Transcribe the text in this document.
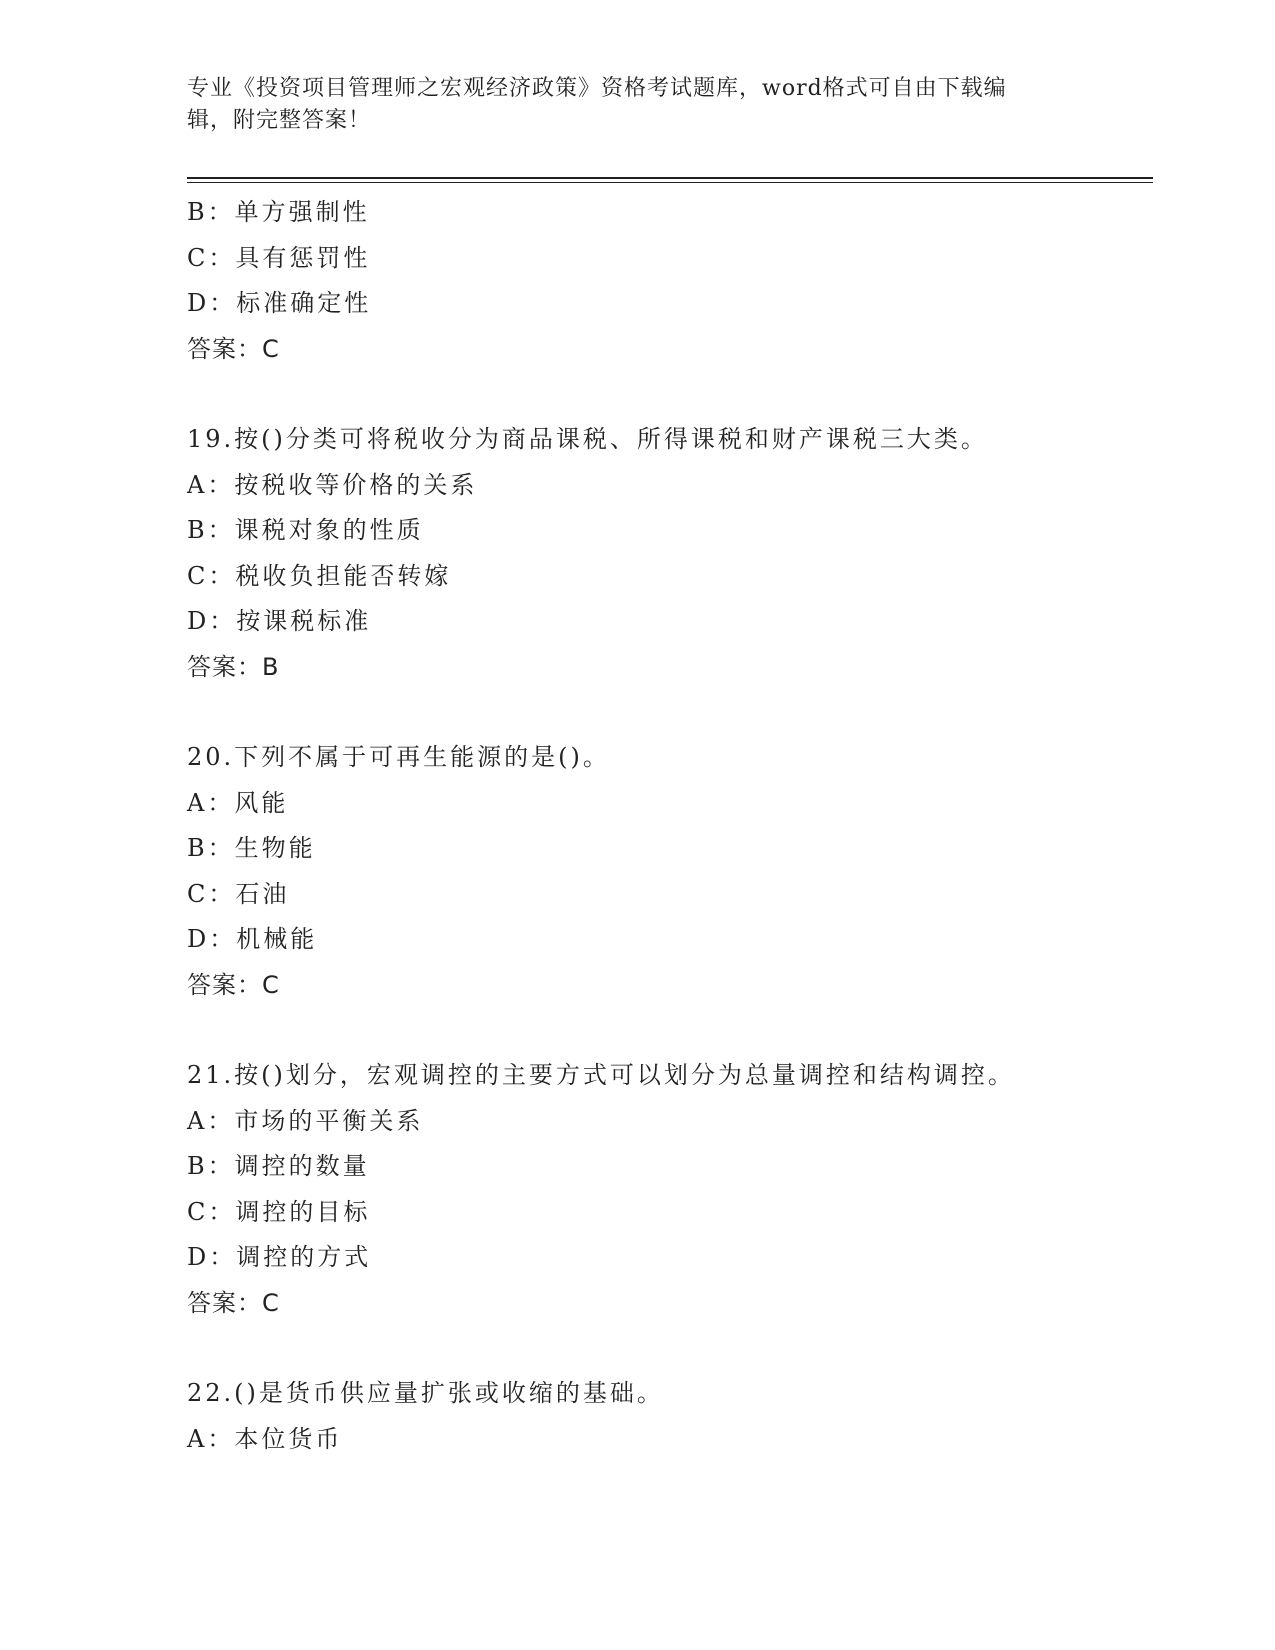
专业《投资项目管理师之宏观经济政策》资格考试题库，word格式可自由下载编
辑，附完整答案！
B：单方强制性
C：具有惩罚性
D：标准确定性
答案：C
19.按()分类可将税收分为商品课税、所得课税和财产课税三大类。
A：按税收等价格的关系
B：课税对象的性质
C：税收负担能否转嫁
D：按课税标准
答案：B
20.下列不属于可再生能源的是()。
A：风能
B：生物能
C：石油
D：机械能
答案：C
21.按()划分，宏观调控的主要方式可以划分为总量调控和结构调控。
A：市场的平衡关系
B：调控的数量
C：调控的目标
D：调控的方式
答案：C
22.()是货币供应量扩张或收缩的基础。
A：本位货币
